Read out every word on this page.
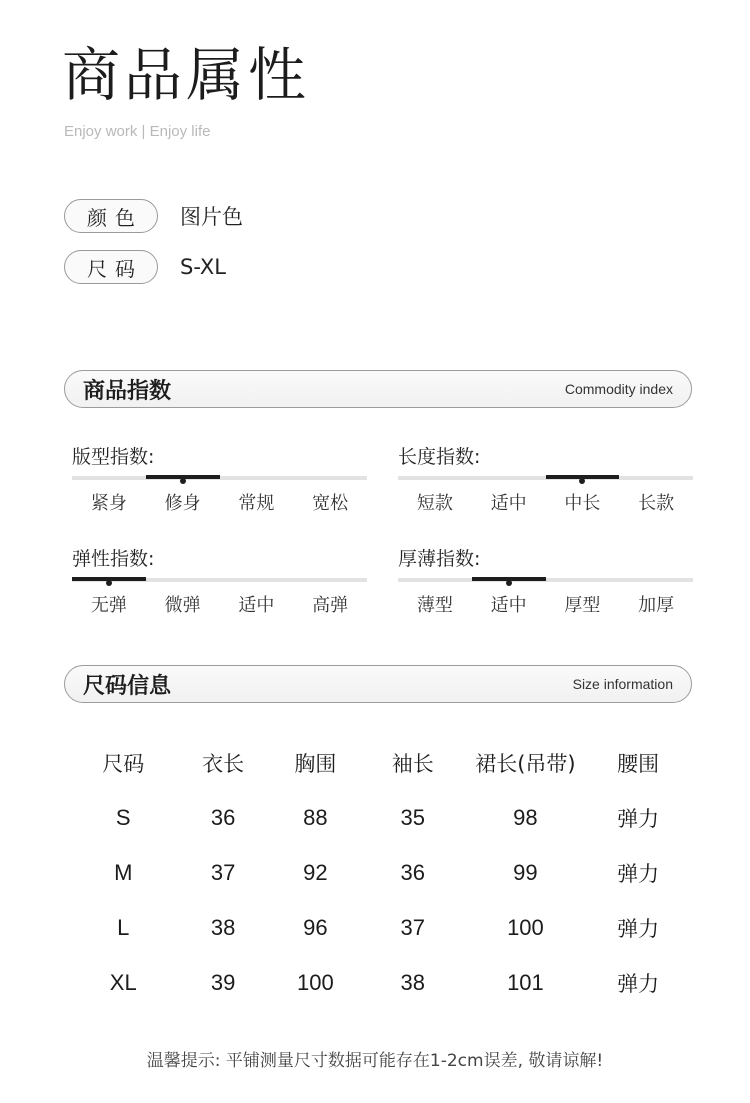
商品属性
Enjoy work | Enjoy life
颜色	图片色
尺码	S-XL
商品指数	Commodity index
版型指数:
紧身	修身	常规	宽松
长度指数:
短款	适中	中长	长款
弹性指数:
无弹	微弹	适中	高弹
厚薄指数:
薄型	适中	厚型	加厚
尺码信息	Size information
尺码	衣长	胸围	袖长	裙长(吊带)	腰围
S	36	88	35	98	弹力
M	37	92	36	99	弹力
L	38	96	37	100	弹力
XL	39	100	38	101	弹力
温馨提示: 平铺测量尺寸数据可能存在1-2cm误差, 敬请谅解!
